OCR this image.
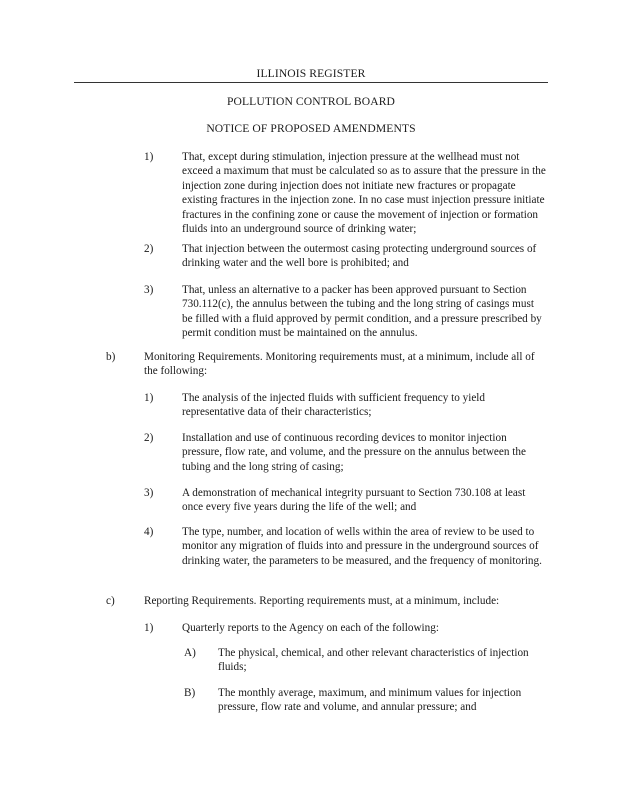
ILLINOIS REGISTER
POLLUTION CONTROL BOARD
NOTICE OF PROPOSED AMENDMENTS
1)	That, except during stimulation, injection pressure at the wellhead must not exceed a maximum that must be calculated so as to assure that the pressure in the injection zone during injection does not initiate new fractures or propagate existing fractures in the injection zone. In no case must injection pressure initiate fractures in the confining zone or cause the movement of injection or formation fluids into an underground source of drinking water;
2)	That injection between the outermost casing protecting underground sources of drinking water and the well bore is prohibited; and
3)	That, unless an alternative to a packer has been approved pursuant to Section 730.112(c), the annulus between the tubing and the long string of casings must be filled with a fluid approved by permit condition, and a pressure prescribed by permit condition must be maintained on the annulus.
b)	Monitoring Requirements. Monitoring requirements must, at a minimum, include all of the following:
1)	The analysis of the injected fluids with sufficient frequency to yield representative data of their characteristics;
2)	Installation and use of continuous recording devices to monitor injection pressure, flow rate, and volume, and the pressure on the annulus between the tubing and the long string of casing;
3)	A demonstration of mechanical integrity pursuant to Section 730.108 at least once every five years during the life of the well; and
4)	The type, number, and location of wells within the area of review to be used to monitor any migration of fluids into and pressure in the underground sources of drinking water, the parameters to be measured, and the frequency of monitoring.
c)	Reporting Requirements. Reporting requirements must, at a minimum, include:
1)	Quarterly reports to the Agency on each of the following:
A) The physical, chemical, and other relevant characteristics of injection fluids;
B) The monthly average, maximum, and minimum values for injection pressure, flow rate and volume, and annular pressure; and
